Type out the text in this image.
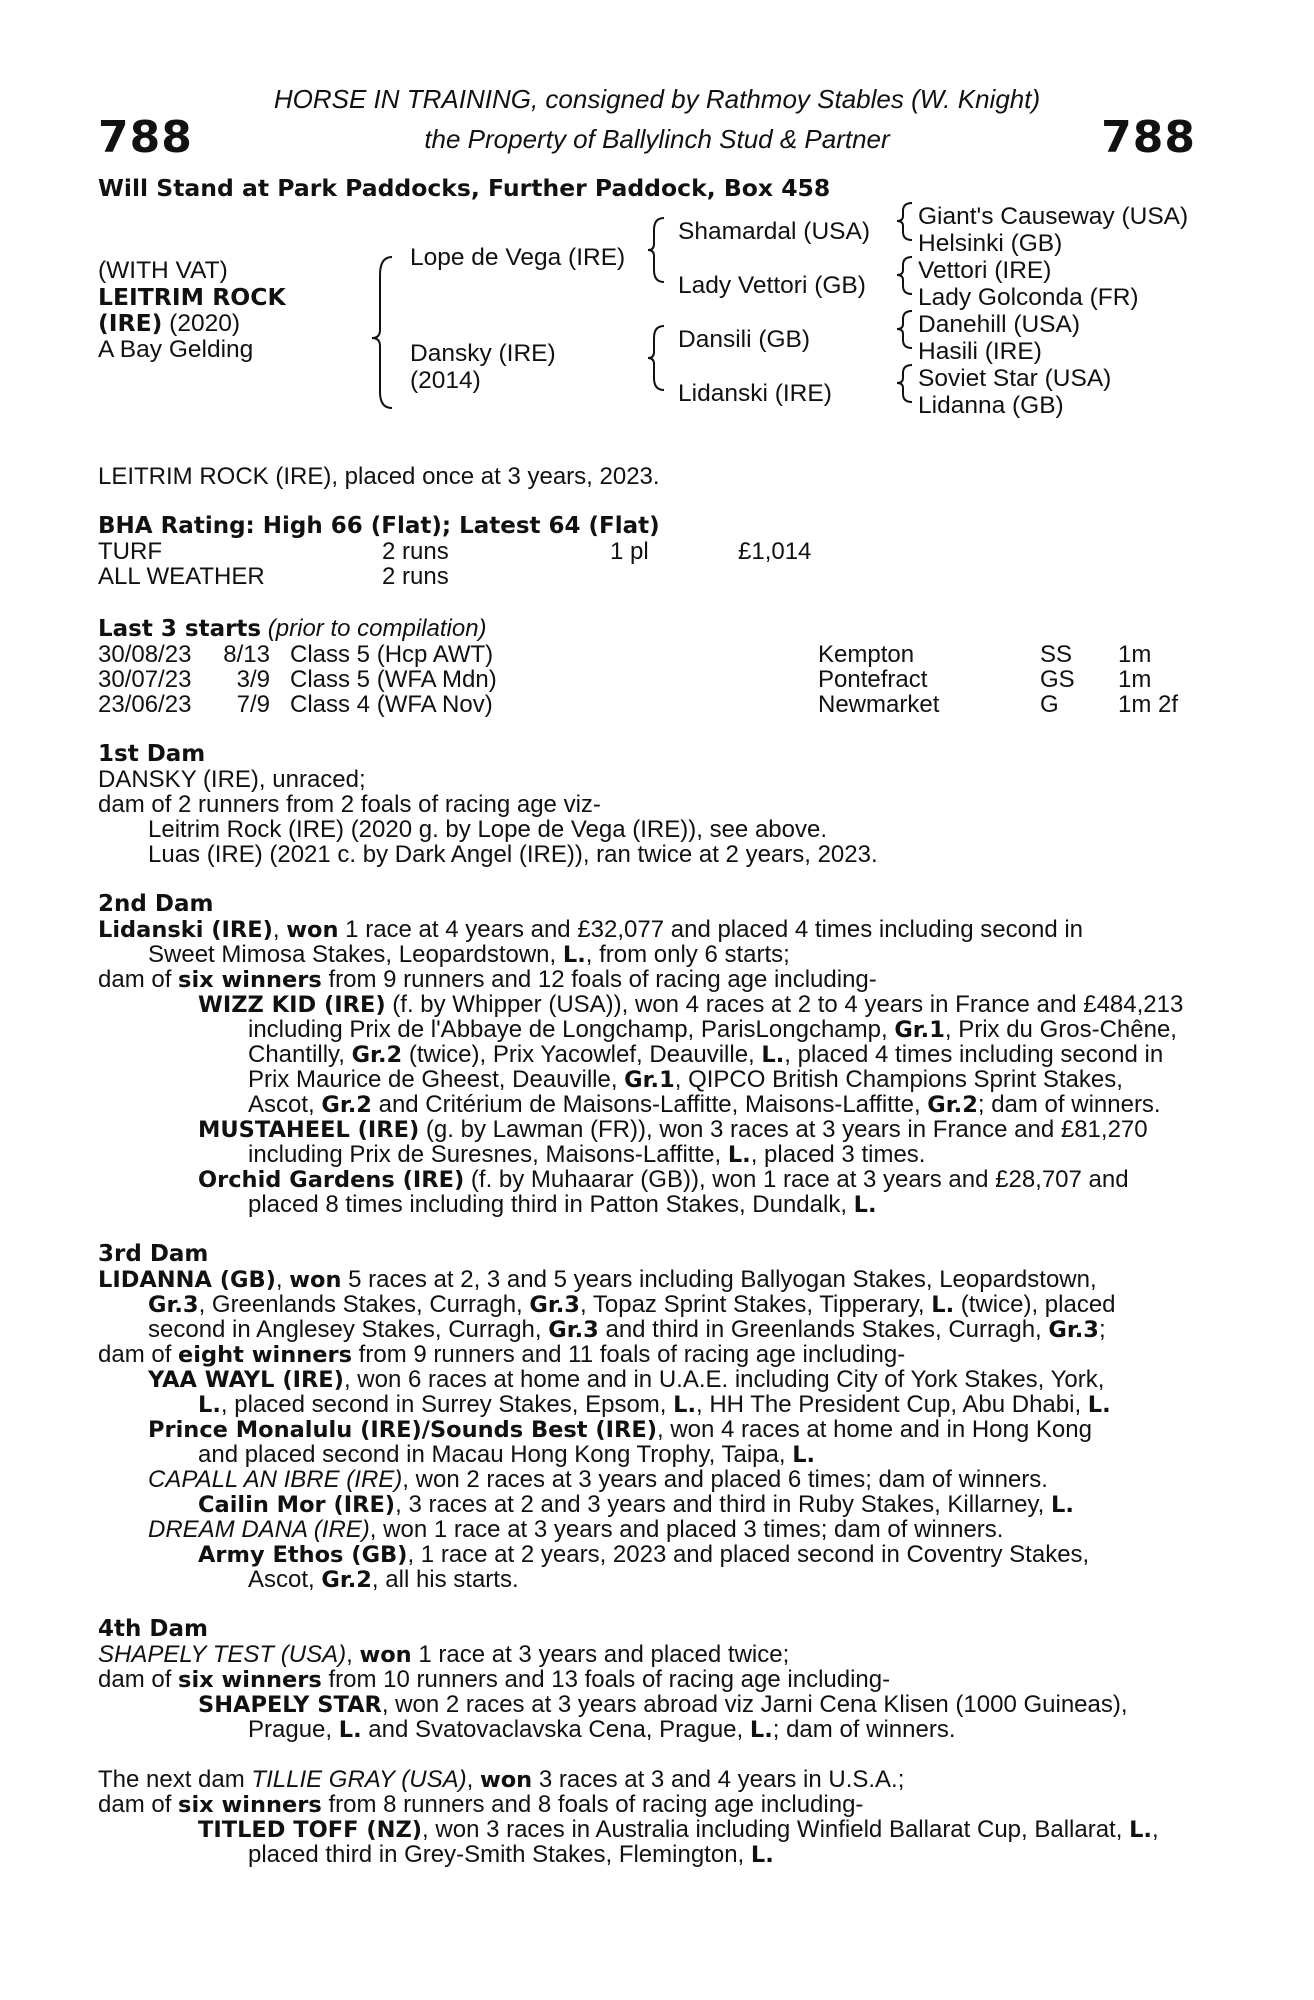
788	788
HORSE IN TRAINING, consigned by Rathmoy Stables (W. Knight)
the Property of Ballylinch Stud & Partner
Will Stand at Park Paddocks, Further Paddock, Box 458
(WITH VAT)
LEITRIM ROCK
(IRE) (2020)
A Bay Gelding
Lope de Vega (IRE)
Dansky (IRE)
(2014)
Shamardal (USA)
Lady Vettori (GB)
Dansili (GB)
Lidanski (IRE)
Giant's Causeway (USA)
Helsinki (GB)
Vettori (IRE)
Lady Golconda (FR)
Danehill (USA)
Hasili (IRE)
Soviet Star (USA)
Lidanna (GB)
LEITRIM ROCK (IRE), placed once at 3 years, 2023.
BHA Rating: High 66 (Flat); Latest 64 (Flat)
TURF	2 runs	1 pl	£1,014
ALL WEATHER	2 runs
Last 3 starts (prior to compilation)
30/08/23 8/13 Class 5 (Hcp AWT)	Kempton	SS 1m
30/07/23	3/9 Class 5 (WFA Mdn)	Pontefract	GS 1m
23/06/23	7/9 Class 4 (WFA Nov)	Newmarket	G 1m 2f
1st Dam
DANSKY (IRE), unraced;
dam of 2 runners from 2 foals of racing age viz-
Leitrim Rock (IRE) (2020 g. by Lope de Vega (IRE)), see above.
Luas (IRE) (2021 c. by Dark Angel (IRE)), ran twice at 2 years, 2023.
2nd Dam
Lidanski (IRE), won 1 race at 4 years and £32,077 and placed 4 times including second in
Sweet Mimosa Stakes, Leopardstown, L., from only 6 starts;
dam of six winners from 9 runners and 12 foals of racing age including-
WIZZ KID (IRE) (f. by Whipper (USA)), won 4 races at 2 to 4 years in France and £484,213
including Prix de l'Abbaye de Longchamp, ParisLongchamp, Gr.1, Prix du Gros-Chêne,
Chantilly, Gr.2 (twice), Prix Yacowlef, Deauville, L., placed 4 times including second in
Prix Maurice de Gheest, Deauville, Gr.1, QIPCO British Champions Sprint Stakes,
Ascot, Gr.2 and Critérium de Maisons-Laffitte, Maisons-Laffitte, Gr.2; dam of winners.
MUSTAHEEL (IRE) (g. by Lawman (FR)), won 3 races at 3 years in France and £81,270
including Prix de Suresnes, Maisons-Laffitte, L., placed 3 times.
Orchid Gardens (IRE) (f. by Muhaarar (GB)), won 1 race at 3 years and £28,707 and
placed 8 times including third in Patton Stakes, Dundalk, L.
3rd Dam
LIDANNA (GB), won 5 races at 2, 3 and 5 years including Ballyogan Stakes, Leopardstown,
Gr.3, Greenlands Stakes, Curragh, Gr.3, Topaz Sprint Stakes, Tipperary, L. (twice), placed
second in Anglesey Stakes, Curragh, Gr.3 and third in Greenlands Stakes, Curragh, Gr.3;
dam of eight winners from 9 runners and 11 foals of racing age including-
YAA WAYL (IRE), won 6 races at home and in U.A.E. including City of York Stakes, York,
L., placed second in Surrey Stakes, Epsom, L., HH The President Cup, Abu Dhabi, L.
Prince Monalulu (IRE)/Sounds Best (IRE), won 4 races at home and in Hong Kong
and placed second in Macau Hong Kong Trophy, Taipa, L.
CAPALL AN IBRE (IRE), won 2 races at 3 years and placed 6 times; dam of winners.
Cailin Mor (IRE), 3 races at 2 and 3 years and third in Ruby Stakes, Killarney, L.
DREAM DANA (IRE), won 1 race at 3 years and placed 3 times; dam of winners.
Army Ethos (GB), 1 race at 2 years, 2023 and placed second in Coventry Stakes,
Ascot, Gr.2, all his starts.
4th Dam
SHAPELY TEST (USA), won 1 race at 3 years and placed twice;
dam of six winners from 10 runners and 13 foals of racing age including-
SHAPELY STAR, won 2 races at 3 years abroad viz Jarni Cena Klisen (1000 Guineas),
Prague, L. and Svatovaclavska Cena, Prague, L.; dam of winners.
The next dam TILLIE GRAY (USA), won 3 races at 3 and 4 years in U.S.A.;
dam of six winners from 8 runners and 8 foals of racing age including-
TITLED TOFF (NZ), won 3 races in Australia including Winfield Ballarat Cup, Ballarat, L.,
placed third in Grey-Smith Stakes, Flemington, L.
